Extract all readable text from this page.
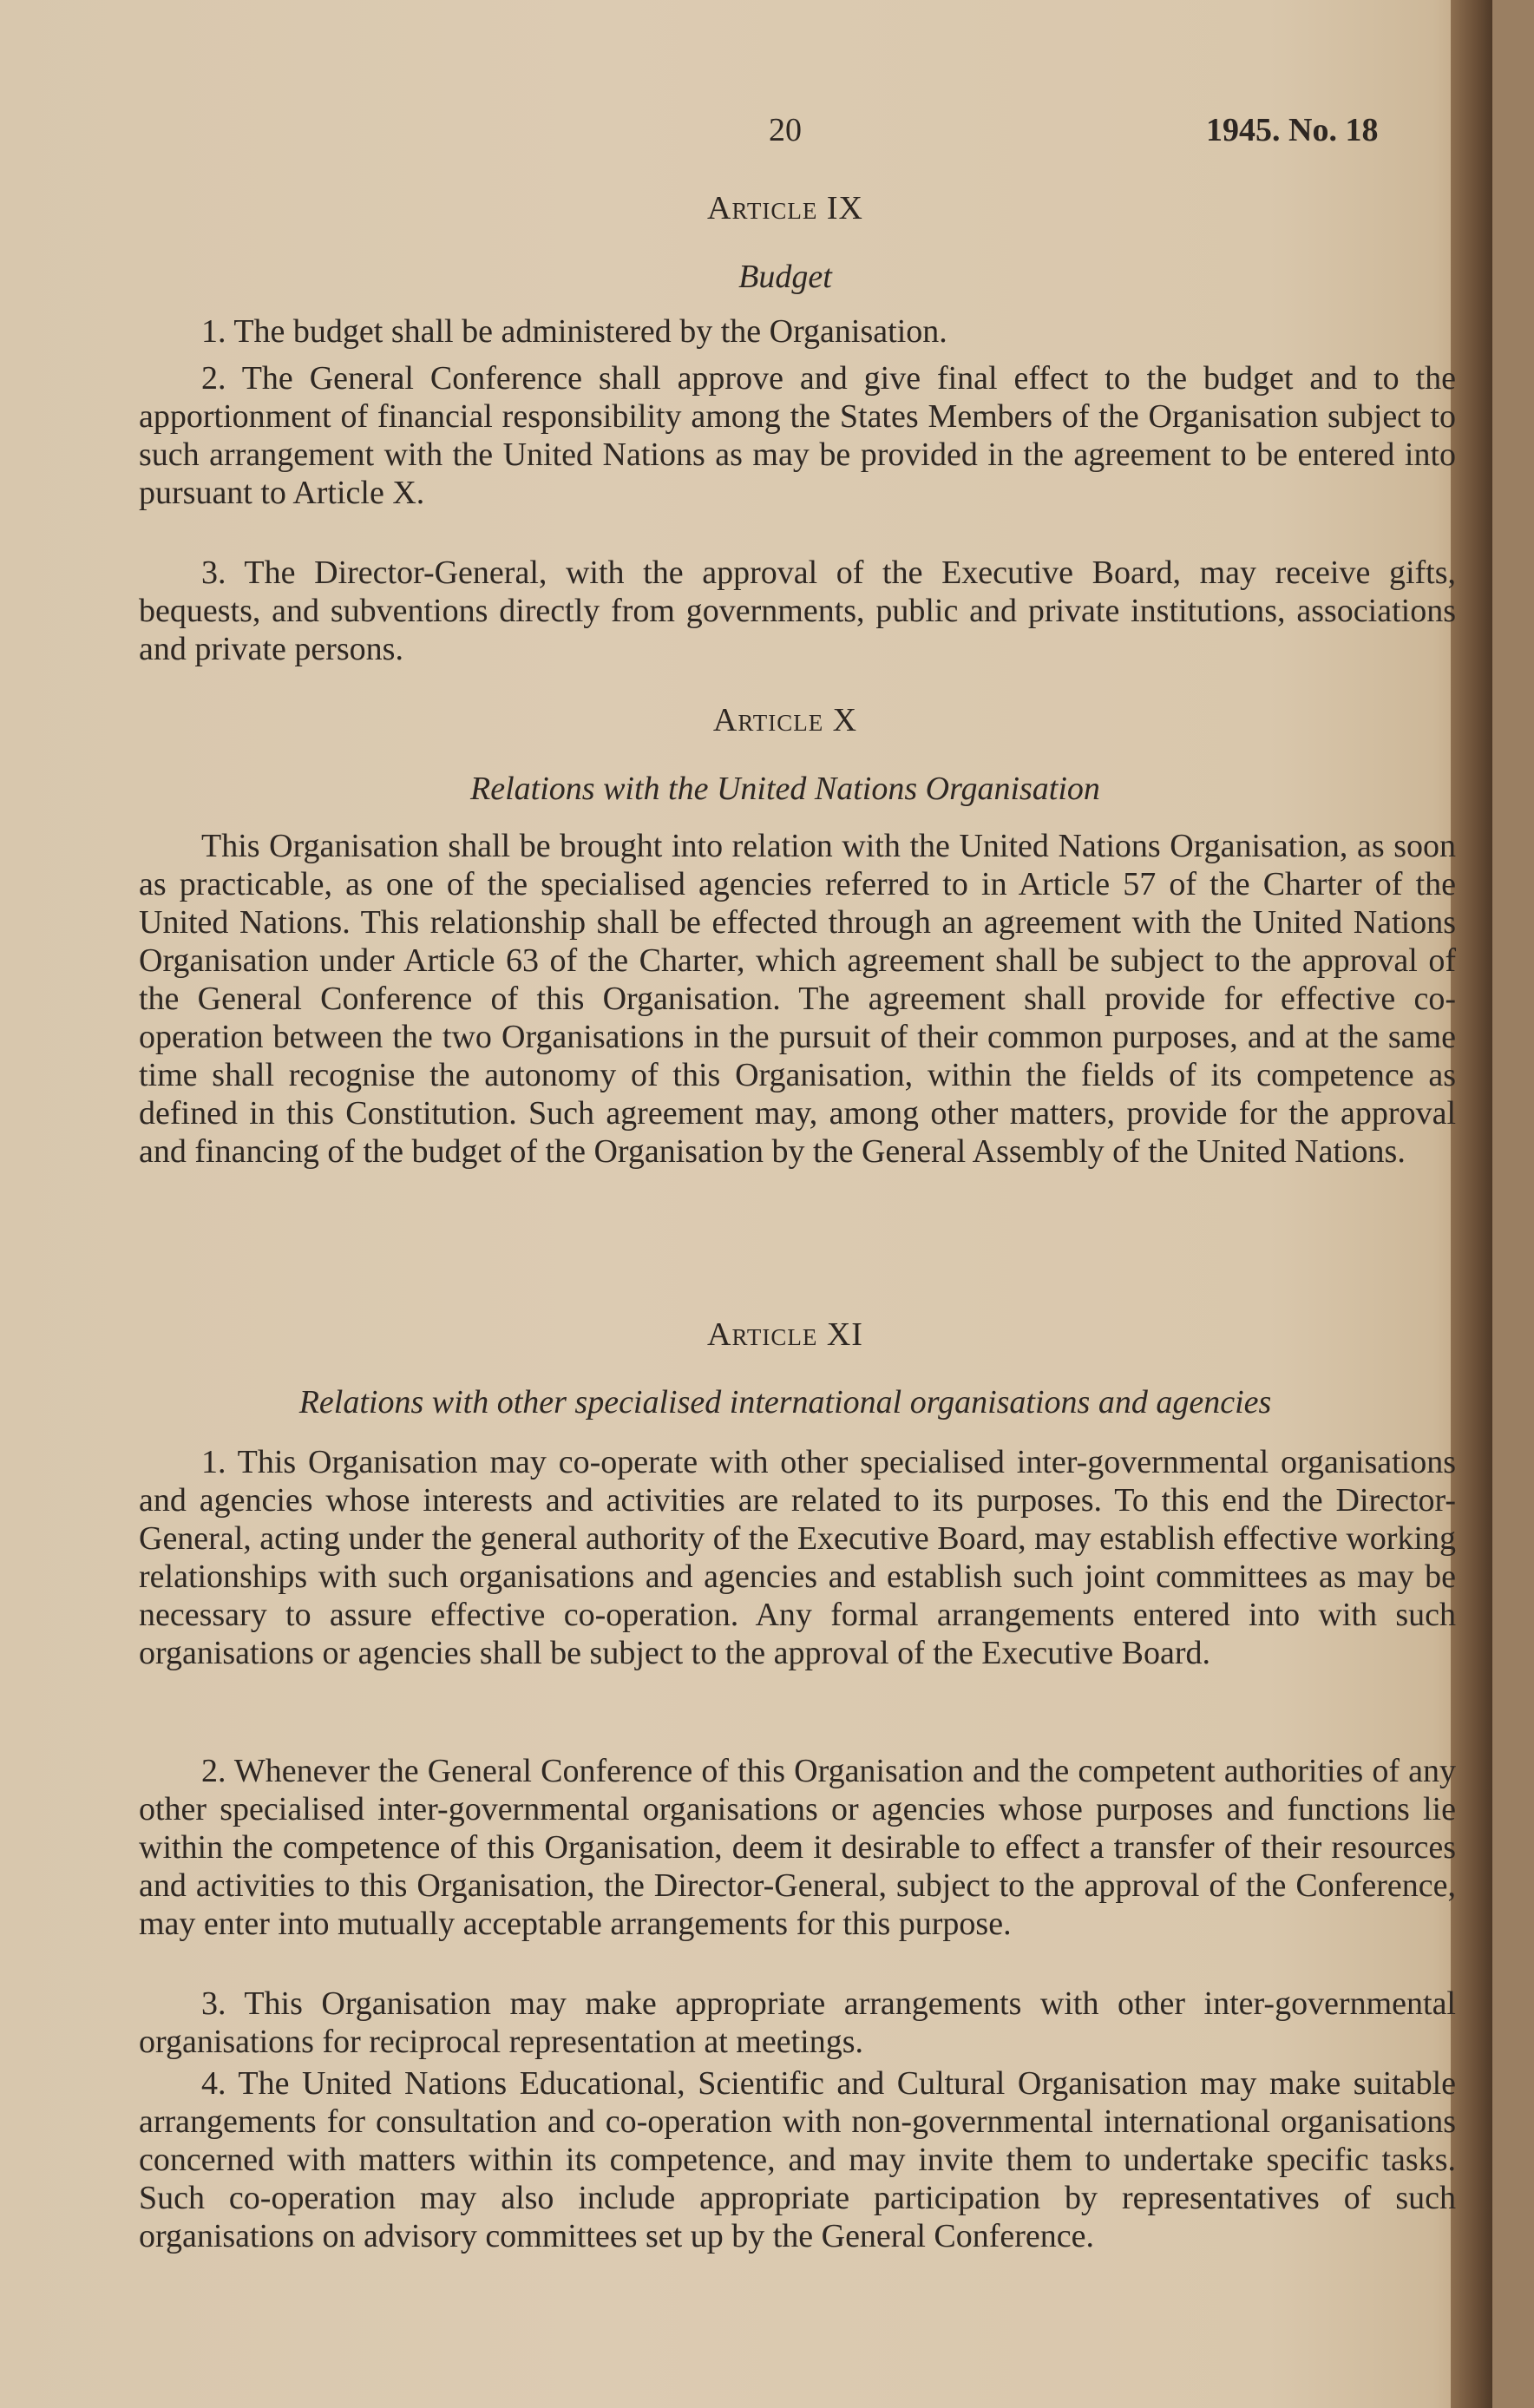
20	1945. No. 18
Article IX
Budget
1. The budget shall be administered by the Organisation.
2. The General Conference shall approve and give final effect to the budget and to the apportionment of financial responsibility among the States Members of the Organisation subject to such arrangement with the United Nations as may be provided in the agreement to be entered into pursuant to Article X.
3. The Director-General, with the approval of the Executive Board, may receive gifts, bequests, and subventions directly from governments, public and private institutions, associations and private persons.
Article X
Relations with the United Nations Organisation
This Organisation shall be brought into relation with the United Nations Organisation, as soon as practicable, as one of the specialised agencies referred to in Article 57 of the Charter of the United Nations. This relationship shall be effected through an agreement with the United Nations Organisation under Article 63 of the Charter, which agreement shall be subject to the approval of the General Conference of this Organisation. The agreement shall provide for effective co-operation between the two Organisations in the pursuit of their common purposes, and at the same time shall recognise the autonomy of this Organisation, within the fields of its competence as defined in this Constitution. Such agreement may, among other matters, provide for the approval and financing of the budget of the Organisation by the General Assembly of the United Nations.
Article XI
Relations with other specialised international organisations and agencies
1. This Organisation may co-operate with other specialised inter-governmental organisations and agencies whose interests and activities are related to its purposes. To this end the Director-General, acting under the general authority of the Executive Board, may establish effective working relationships with such organisations and agencies and establish such joint committees as may be necessary to assure effective co-operation. Any formal arrangements entered into with such organisations or agencies shall be subject to the approval of the Executive Board.
2. Whenever the General Conference of this Organisation and the competent authorities of any other specialised inter-governmental organisations or agencies whose purposes and functions lie within the competence of this Organisation, deem it desirable to effect a transfer of their resources and activities to this Organisation, the Director-General, subject to the approval of the Conference, may enter into mutually acceptable arrangements for this purpose.
3. This Organisation may make appropriate arrangements with other inter-governmental organisations for reciprocal representation at meetings.
4. The United Nations Educational, Scientific and Cultural Organisation may make suitable arrangements for consultation and co-operation with non-governmental international organisations concerned with matters within its competence, and may invite them to undertake specific tasks. Such co-operation may also include appropriate participation by representatives of such organisations on advisory committees set up by the General Conference.
